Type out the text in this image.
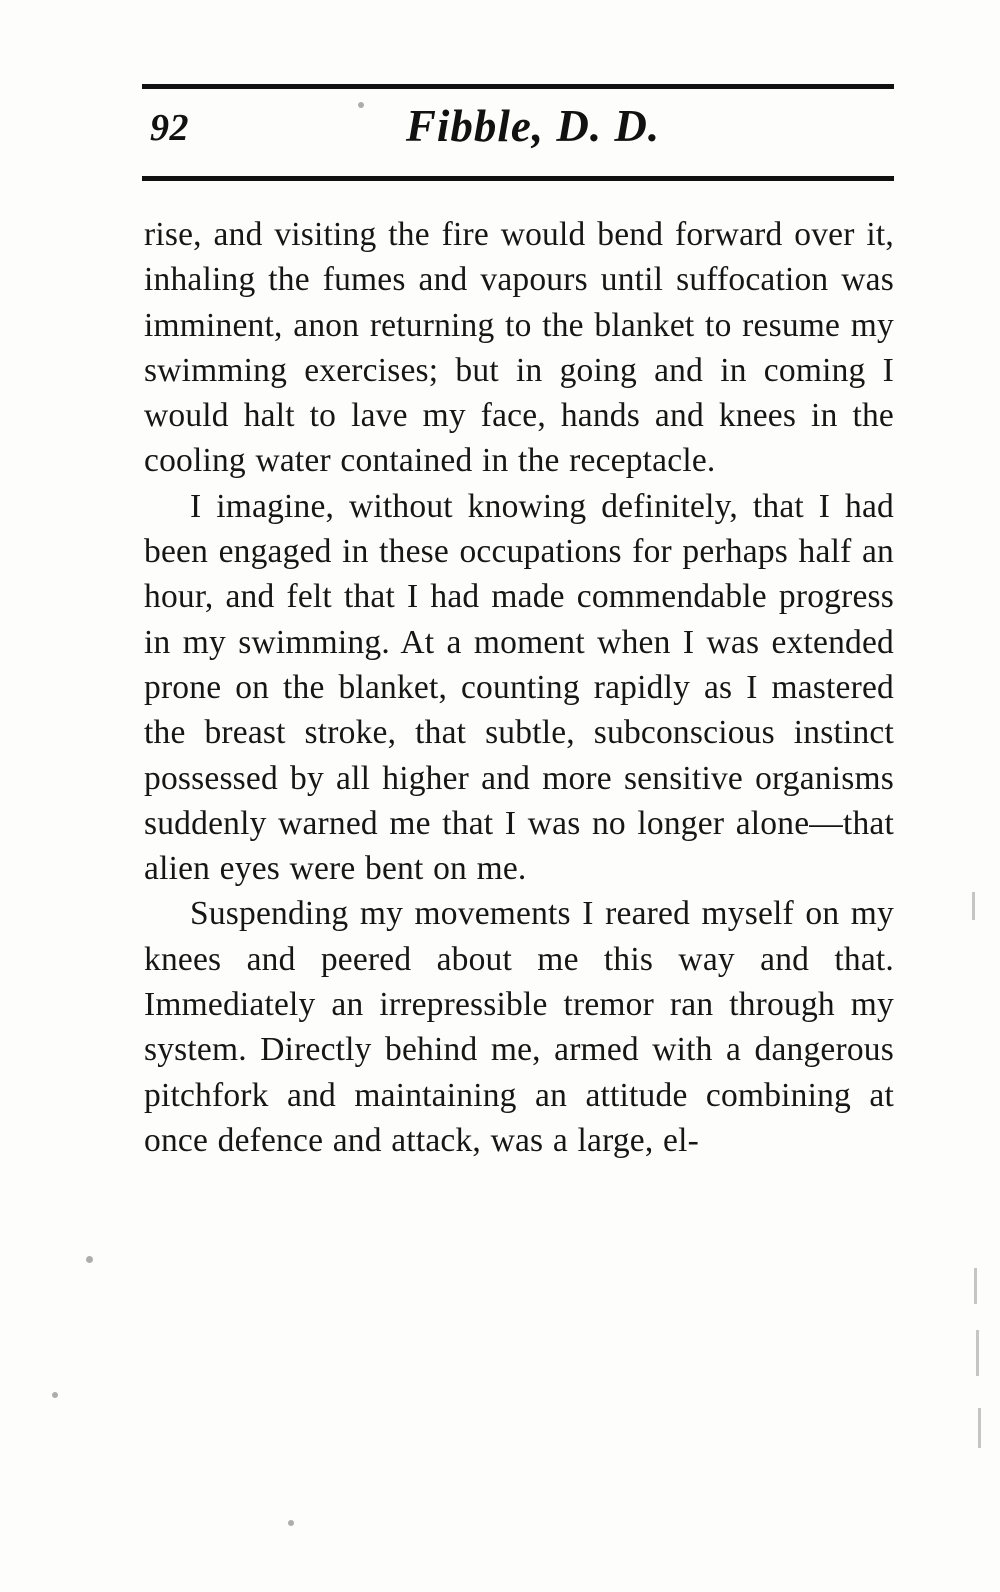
92	Fibble, D. D.

rise, and visiting the fire would bend forward over it, inhaling the fumes and vapours until suffocation was imminent, anon returning to the blanket to resume my swimming exercises; but in going and in coming I would halt to lave my face, hands and knees in the cooling water contained in the receptacle.

I imagine, without knowing definitely, that I had been engaged in these occupations for perhaps half an hour, and felt that I had made commendable progress in my swimming. At a moment when I was extended prone on the blanket, counting rapidly as I mastered the breast stroke, that subtle, subconscious instinct possessed by all higher and more sensitive organisms suddenly warned me that I was no longer alone—that alien eyes were bent on me.

Suspending my movements I reared myself on my knees and peered about me this way and that. Immediately an irrepressible tremor ran through my system. Directly behind me, armed with a dangerous pitchfork and maintaining an attitude combining at once defence and attack, was a large, el-
